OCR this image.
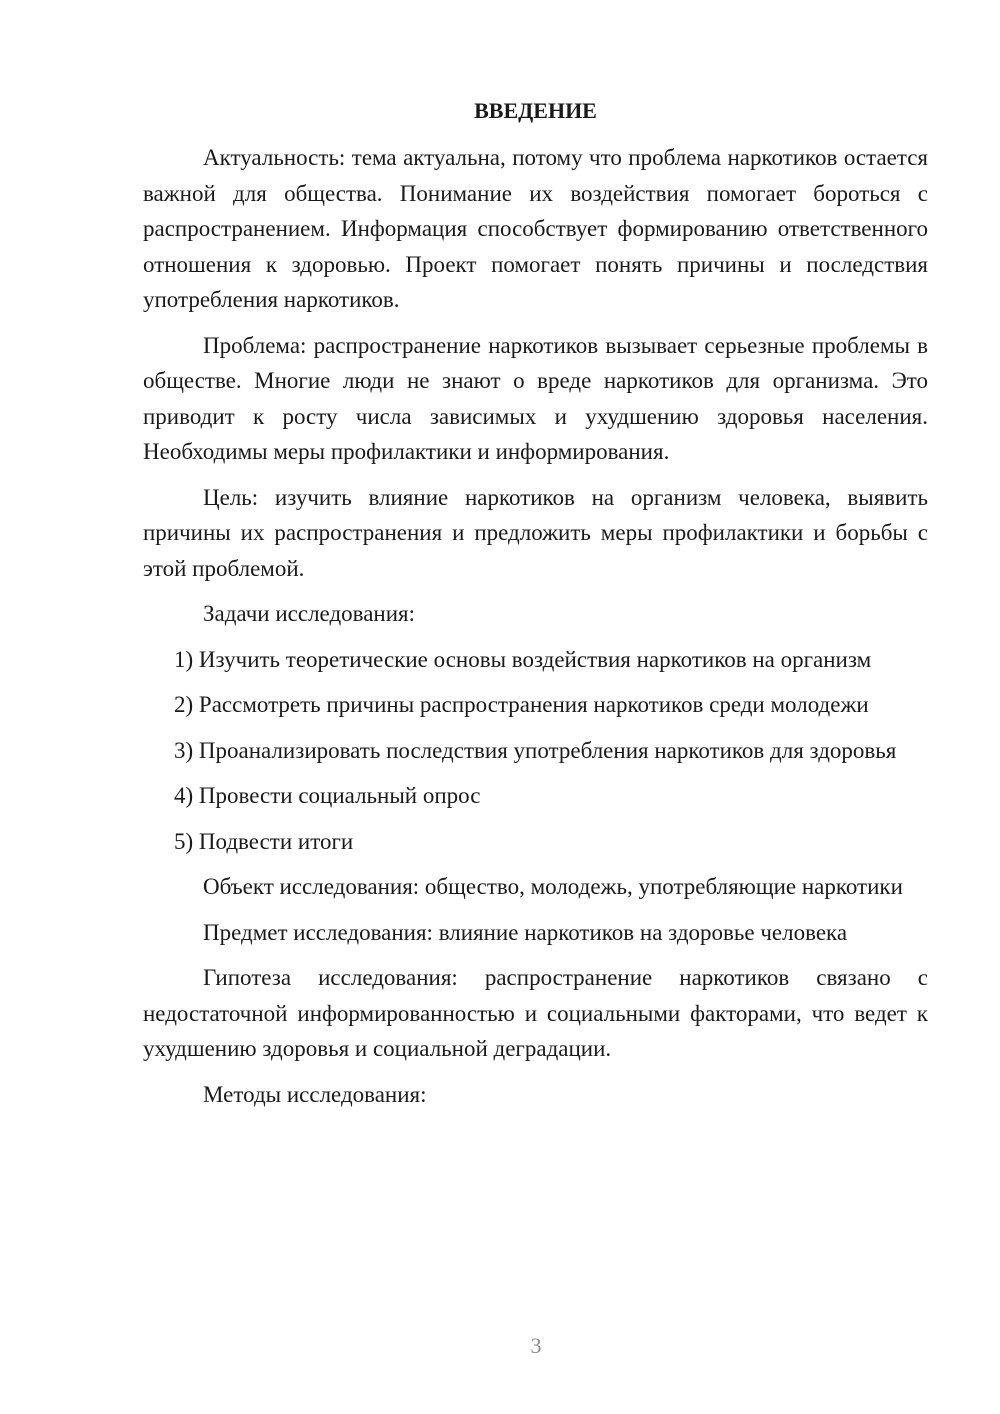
ВВЕДЕНИЕ

Актуальность: тема актуальна, потому что проблема наркотиков остается важной для общества. Понимание их воздействия помогает бороться с распространением. Информация способствует формированию ответственного отношения к здоровью. Проект помогает понять причины и последствия употребления наркотиков.

Проблема: распространение наркотиков вызывает серьезные проблемы в обществе. Многие люди не знают о вреде наркотиков для организма. Это приводит к росту числа зависимых и ухудшению здоровья населения. Необходимы меры профилактики и информирования.

Цель: изучить влияние наркотиков на организм человека, выявить причины их распространения и предложить меры профилактики и борьбы с этой проблемой.

Задачи исследования:

1) Изучить теоретические основы воздействия наркотиков на организм

2) Рассмотреть причины распространения наркотиков среди молодежи

3) Проанализировать последствия употребления наркотиков для здоровья

4) Провести социальный опрос

5) Подвести итоги

Объект исследования: общество, молодежь, употребляющие наркотики

Предмет исследования: влияние наркотиков на здоровье человека

Гипотеза исследования: распространение наркотиков связано с недостаточной информированностью и социальными факторами, что ведет к ухудшению здоровья и социальной деградации.

Методы исследования:

3
